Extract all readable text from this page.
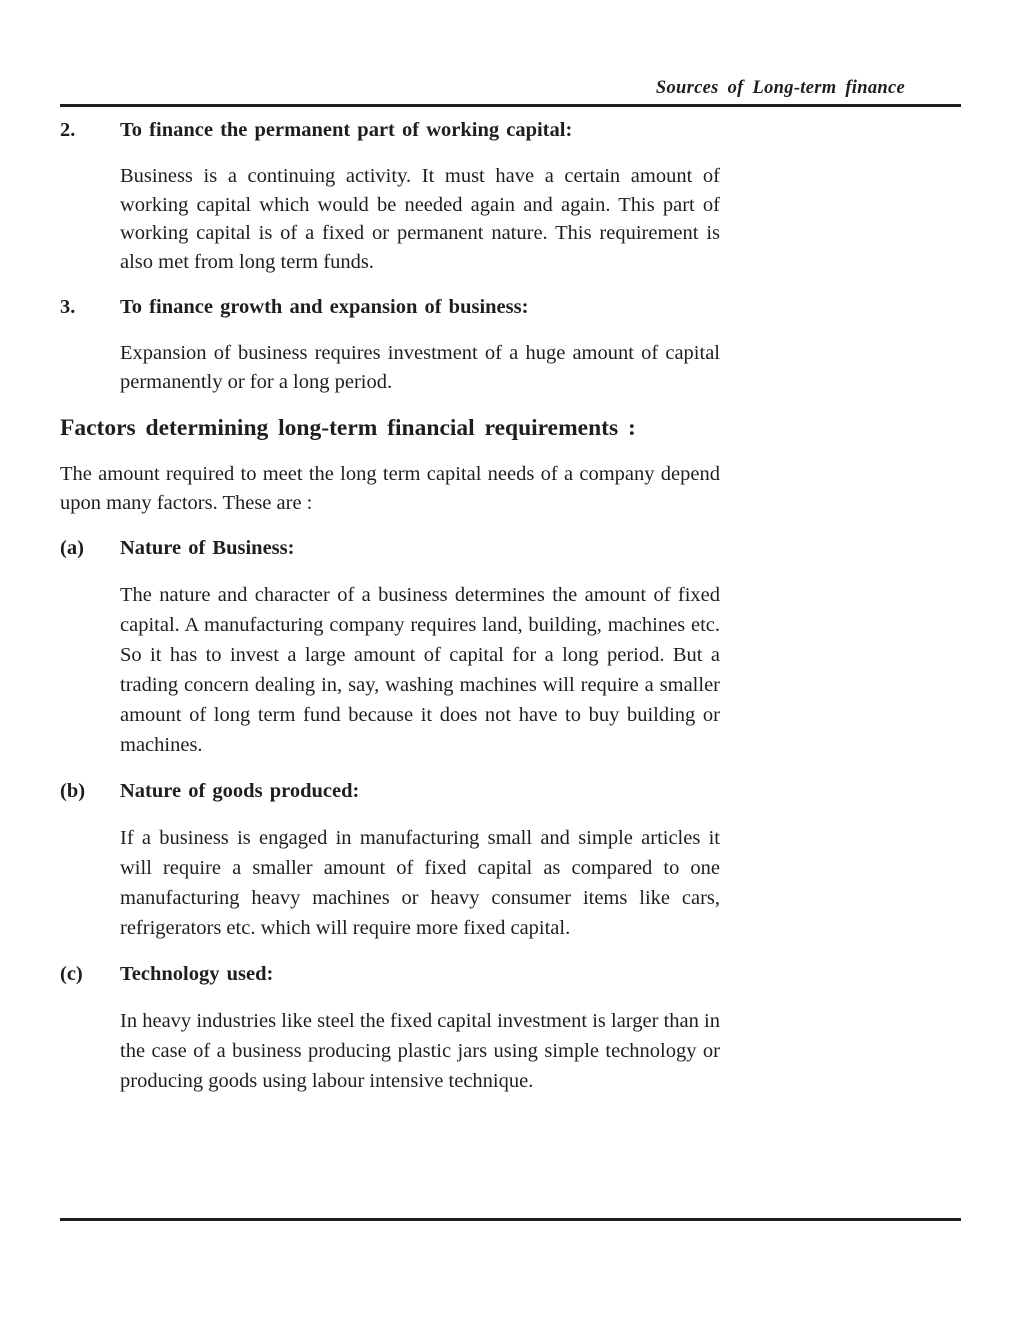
Sources of Long-term finance
2.	To finance the permanent part of working capital:
Business is a continuing activity. It must have a certain amount of working capital which would be needed again and again. This part of working capital is of a fixed or permanent nature. This requirement is also met from long term funds.
3.	To finance growth and expansion of business:
Expansion of business requires investment of a huge amount of capital permanently or for a long period.
Factors determining long-term financial requirements :
The amount required to meet the long term capital needs of a company depend upon many factors. These are :
(a)	Nature of Business:
The nature and character of a business determines the amount of fixed capital. A manufacturing company requires land, building, machines etc. So it has to invest a large amount of capital for a long period. But a trading concern dealing in, say, washing machines will require a smaller amount of long term fund because it does not have to buy building or machines.
(b)	Nature of goods produced:
If a business is engaged in manufacturing small and simple articles it will require a smaller amount of fixed capital as compared to one manufacturing heavy machines or heavy consumer items like cars, refrigerators etc. which will require more fixed capital.
(c)	Technology used:
In heavy industries like steel the fixed capital investment is larger than in the case of a business producing plastic jars using simple technology or producing goods using labour intensive technique.
